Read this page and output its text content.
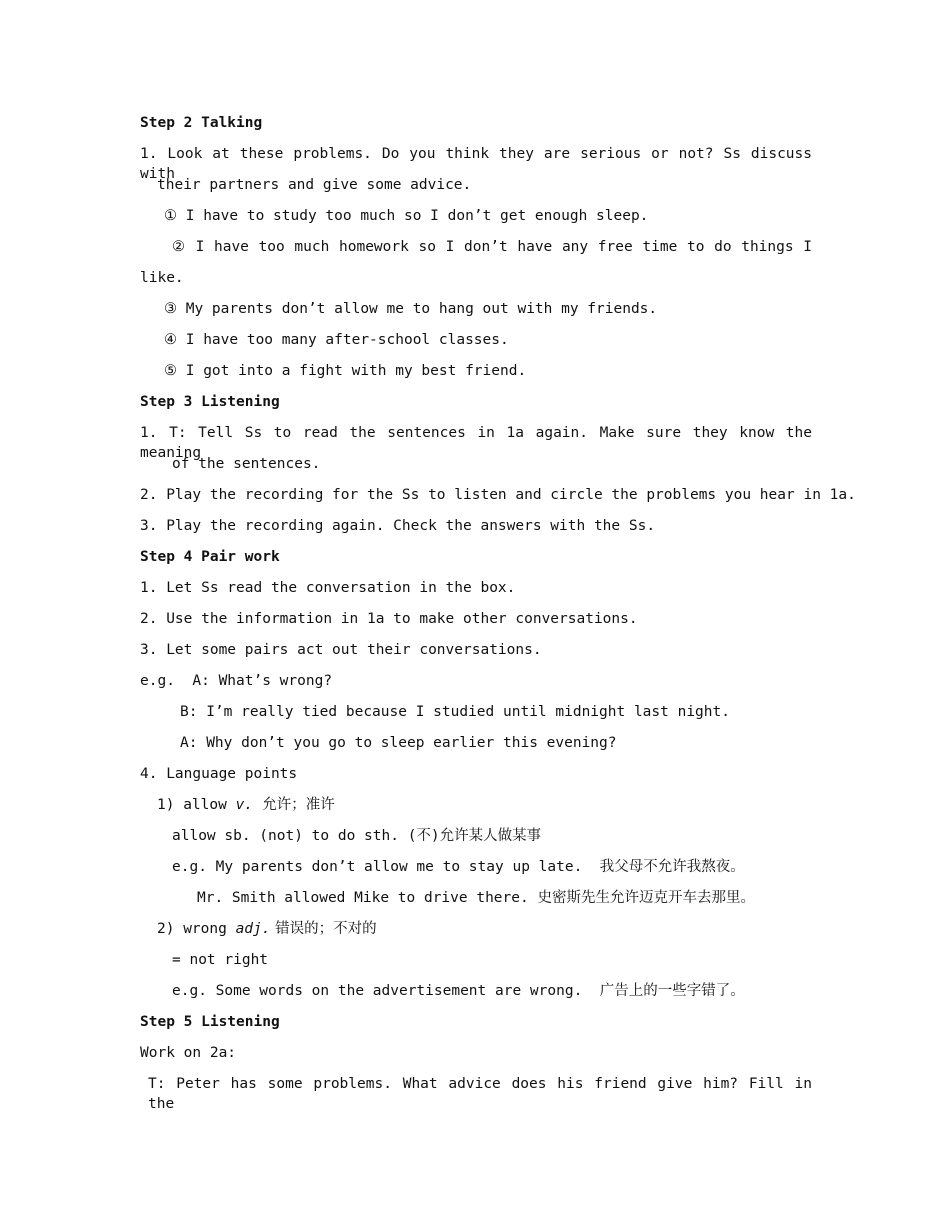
Step 2 Talking
1. Look at these problems. Do you think they are serious or not? Ss discuss with
their partners and give some advice.
① I have to study too much so I don’t get enough sleep.
② I have too much homework so I don’t have any free time to do things I
like.
③ My parents don’t allow me to hang out with my friends.
④ I have too many after-school classes.
⑤ I got into a fight with my best friend.
Step 3 Listening
1. T: Tell Ss to read the sentences in 1a again. Make sure they know the meaning
of the sentences.
2. Play the recording for the Ss to listen and circle the problems you hear in 1a.
3. Play the recording again. Check the answers with the Ss.
Step 4 Pair work
1. Let Ss read the conversation in the box.
2. Use the information in 1a to make other conversations.
3. Let some pairs act out their conversations.
e.g.  A: What’s wrong?
B: I’m really tied because I studied until midnight last night.
A: Why don’t you go to sleep earlier this evening?
4. Language points
1) allow v.  允许；准许
allow sb. (not) to do sth. (不)允许某人做某事
e.g. My parents don’t allow me to stay up late.  我父母不允许我熬夜。
Mr. Smith allowed Mike to drive there. 史密斯先生允许迈克开车去那里。
2) wrong adj. 错误的；不对的
= not right
e.g. Some words on the advertisement are wrong.  广告上的一些字错了。
Step 5 Listening
Work on 2a:
T: Peter has some problems. What advice does his friend give him? Fill in the
